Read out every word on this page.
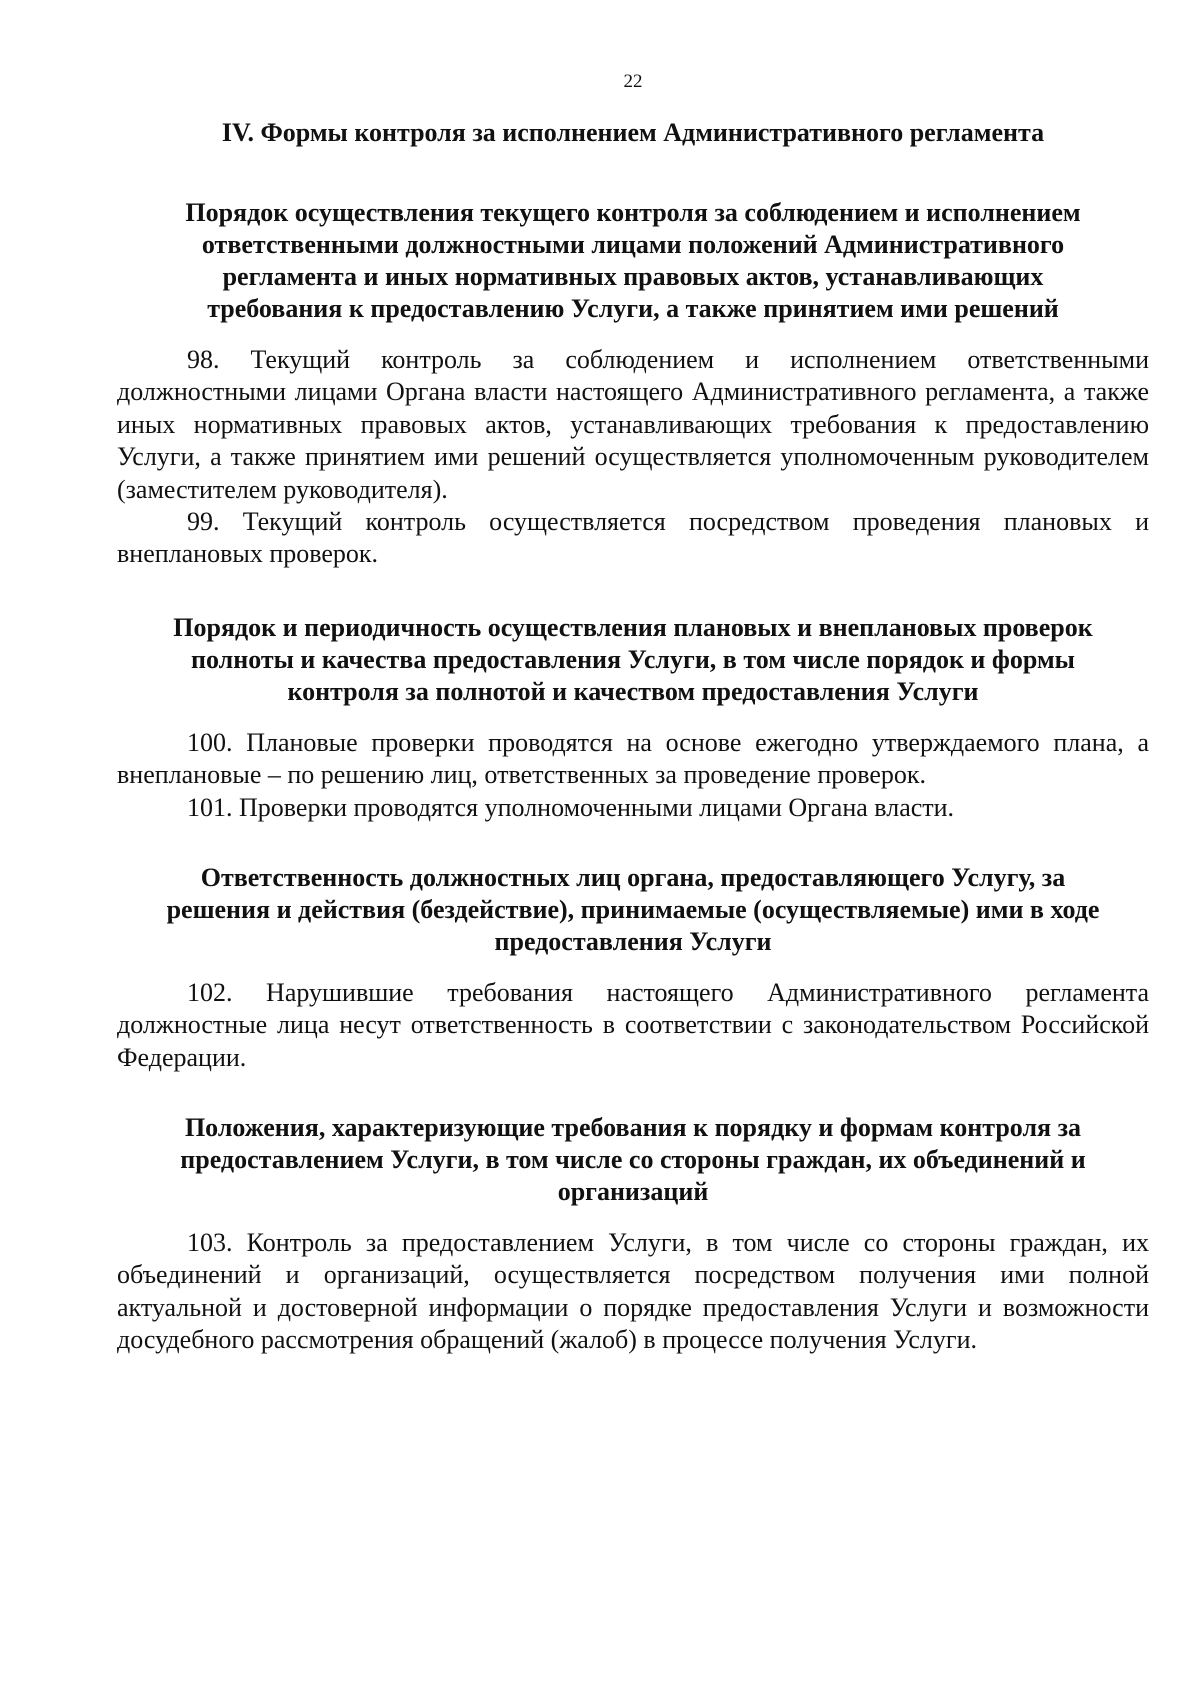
22
IV. Формы контроля за исполнением Административного регламента
Порядок осуществления текущего контроля за соблюдением и исполнением
ответственными должностными лицами положений Административного
регламента и иных нормативных правовых актов, устанавливающих
требования к предоставлению Услуги, а также принятием ими решений

98. Текущий контроль за соблюдением и исполнением ответственными должностными лицами Органа власти настоящего Административного регламента, а также иных нормативных правовых актов, устанавливающих требования к предоставлению Услуги, а также принятием ими решений осуществляется уполномоченным руководителем (заместителем руководителя).

99. Текущий контроль осуществляется посредством проведения плановых и внеплановых проверок.

Порядок и периодичность осуществления плановых и внеплановых проверок
полноты и качества предоставления Услуги, в том числе порядок и формы
контроля за полнотой и качеством предоставления Услуги

100. Плановые проверки проводятся на основе ежегодно утверждаемого плана, а внеплановые – по решению лиц, ответственных за проведение проверок.

101. Проверки проводятся уполномоченными лицами Органа власти.

Ответственность должностных лиц органа, предоставляющего Услугу, за
решения и действия (бездействие), принимаемые (осуществляемые) ими в ходе
предоставления Услуги

102. Нарушившие требования настоящего Административного регламента должностные лица несут ответственность в соответствии с законодательством Российской Федерации.

Положения, характеризующие требования к порядку и формам контроля за
предоставлением Услуги, в том числе со стороны граждан, их объединений и
организаций

103. Контроль за предоставлением Услуги, в том числе со стороны граждан, их объединений и организаций, осуществляется посредством получения ими полной актуальной и достоверной информации о порядке предоставления Услуги и возможности досудебного рассмотрения обращений (жалоб) в процессе получения Услуги.
